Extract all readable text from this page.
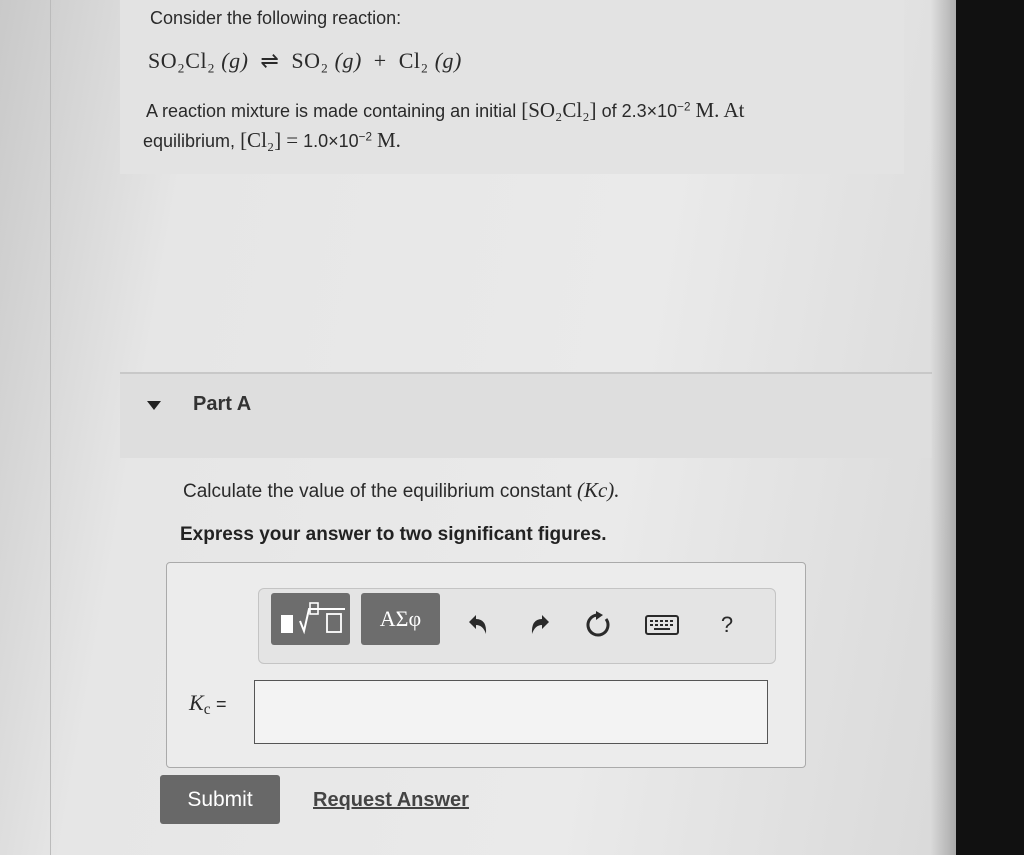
Consider the following reaction:
SO₂Cl₂ (g) ⇌ SO₂ (g) + Cl₂ (g)
A reaction mixture is made containing an initial [SO₂Cl₂] of $2.3\times 10^{-2}$ M. At
equilibrium, $[Cl_2] = 1.0\times 10^{-2}$ M.
Part A
Calculate the value of the equilibrium constant (Kc).
Express your answer to two significant figures.
ΑΣφ	?
$K_c$ =
Submit	Request Answer
